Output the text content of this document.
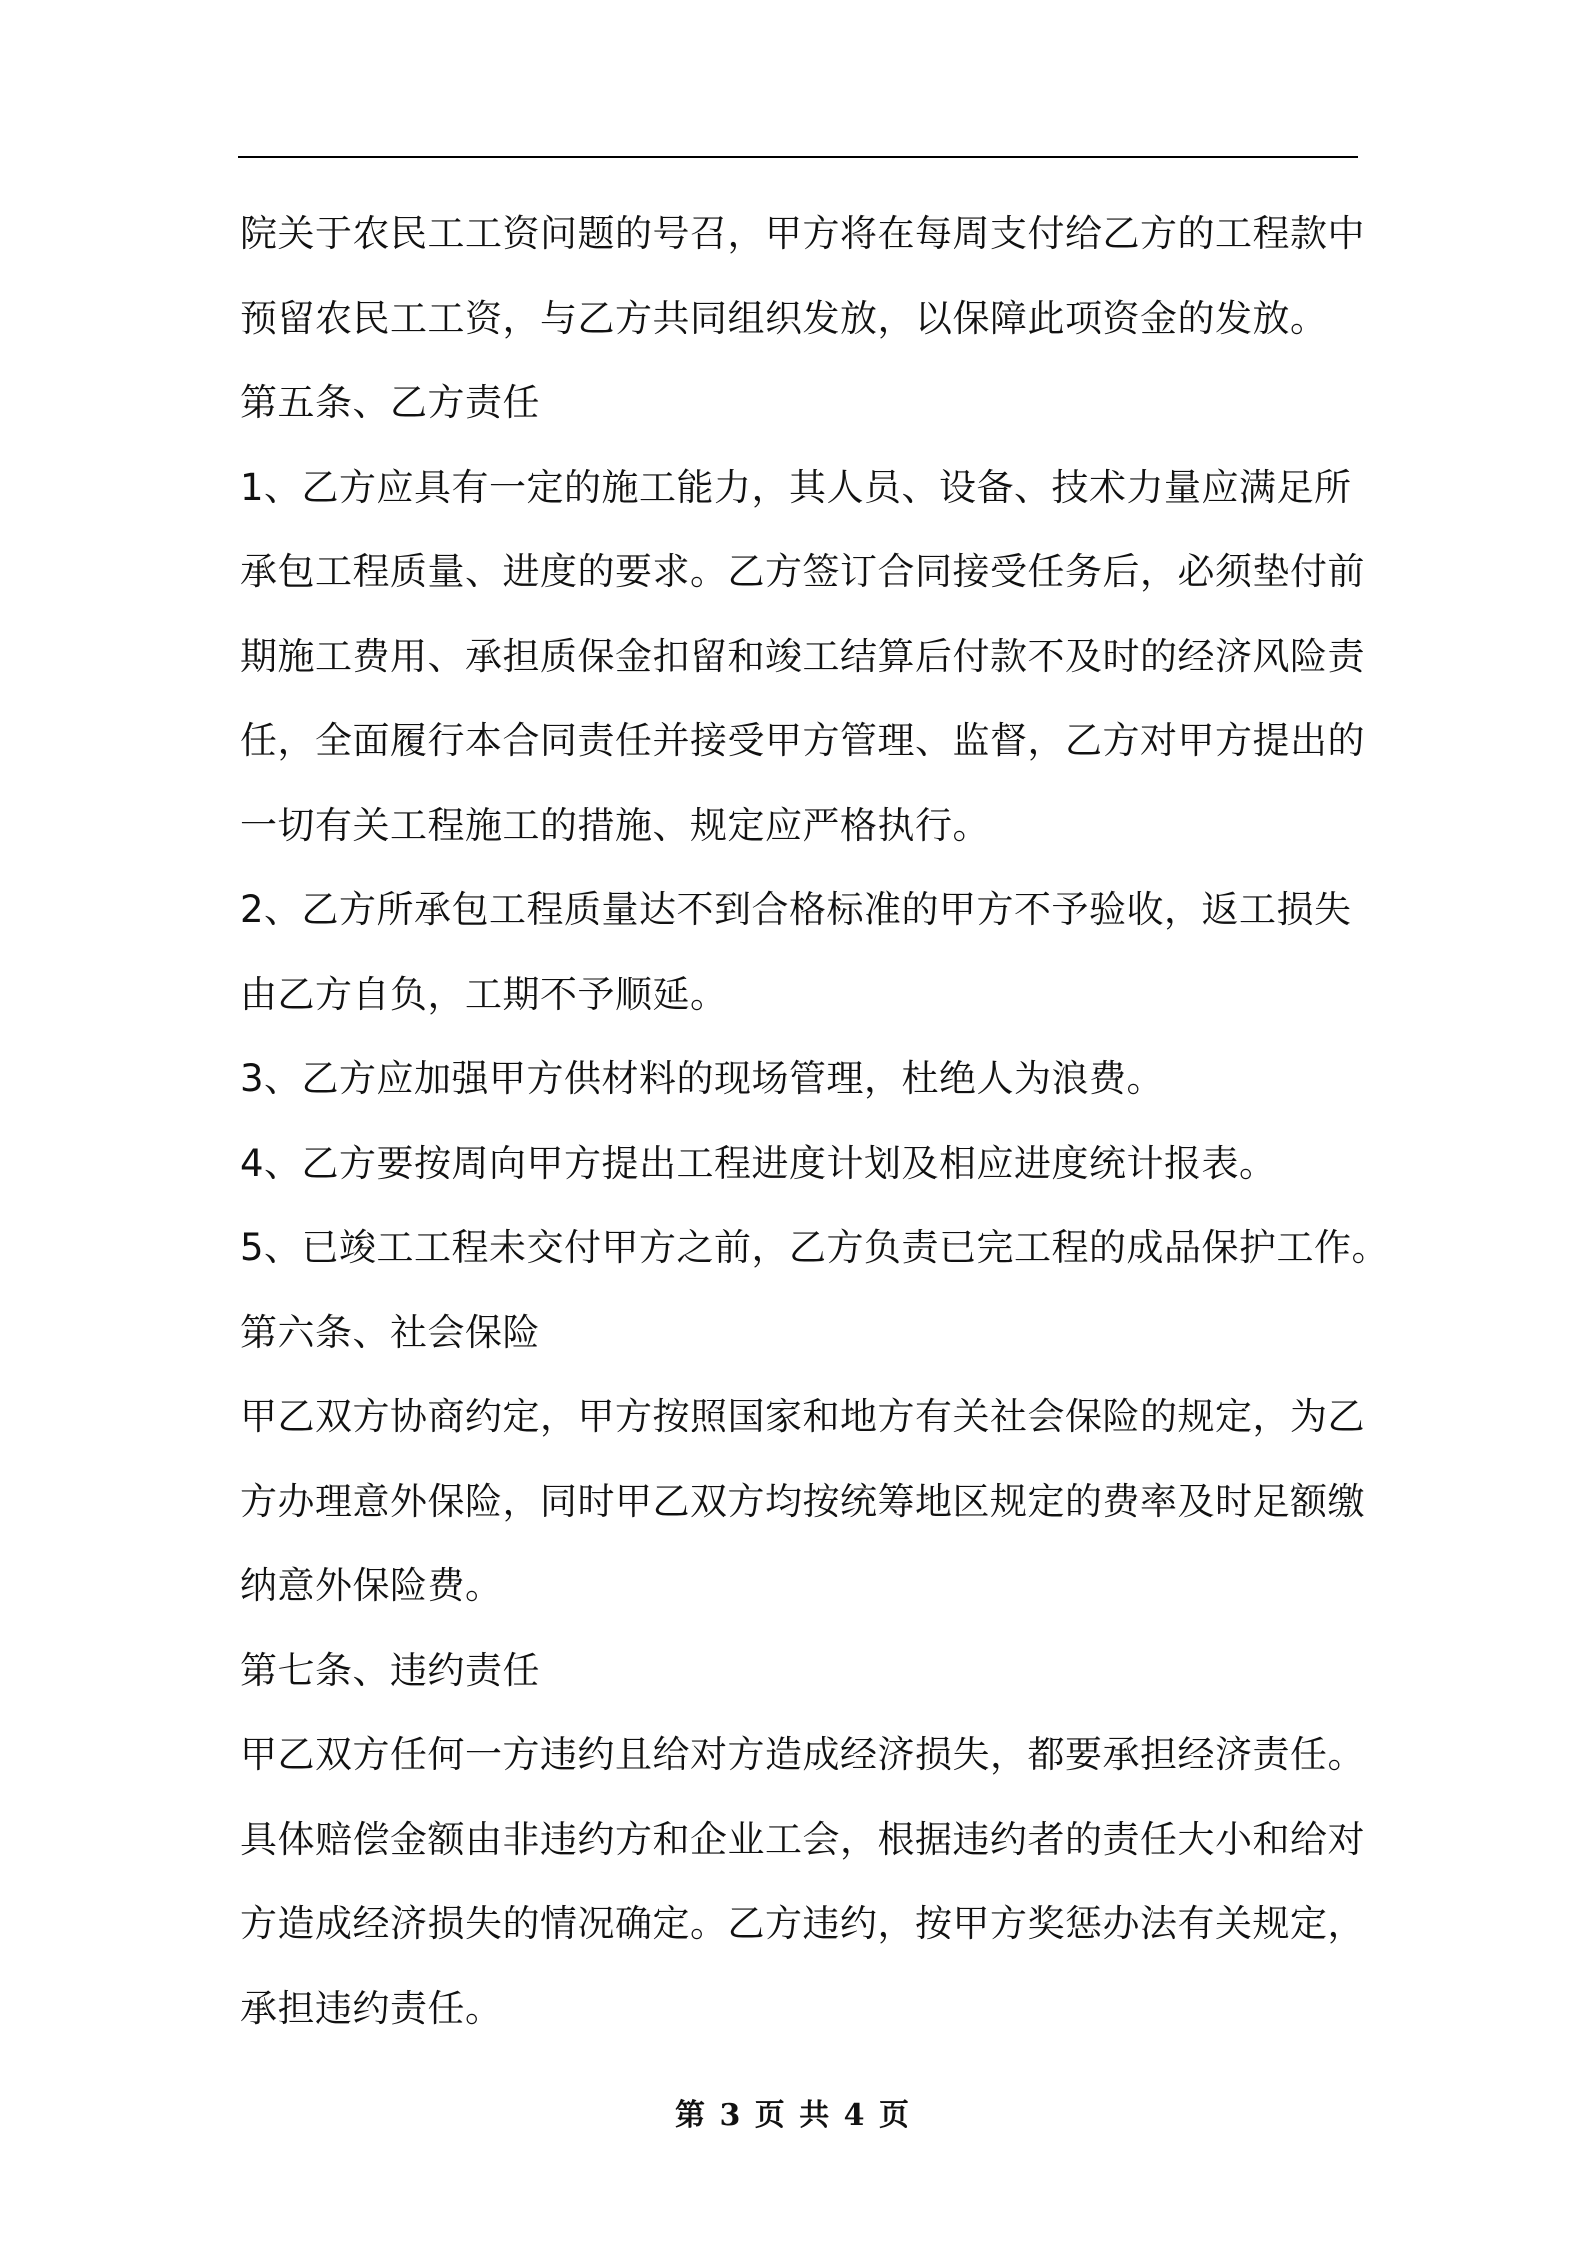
院关于农民工工资问题的号召，甲方将在每周支付给乙方的工程款中
预留农民工工资，与乙方共同组织发放，以保障此项资金的发放。
第五条、乙方责任
1、乙方应具有一定的施工能力，其人员、设备、技术力量应满足所
承包工程质量、进度的要求。乙方签订合同接受任务后，必须垫付前
期施工费用、承担质保金扣留和竣工结算后付款不及时的经济风险责
任，全面履行本合同责任并接受甲方管理、监督，乙方对甲方提出的
一切有关工程施工的措施、规定应严格执行。
2、乙方所承包工程质量达不到合格标准的甲方不予验收，返工损失
由乙方自负，工期不予顺延。
3、乙方应加强甲方供材料的现场管理，杜绝人为浪费。
4、乙方要按周向甲方提出工程进度计划及相应进度统计报表。
5、已竣工工程未交付甲方之前，乙方负责已完工程的成品保护工作。
第六条、社会保险
甲乙双方协商约定，甲方按照国家和地方有关社会保险的规定，为乙
方办理意外保险，同时甲乙双方均按统筹地区规定的费率及时足额缴
纳意外保险费。
第七条、违约责任
甲乙双方任何一方违约且给对方造成经济损失，都要承担经济责任。
具体赔偿金额由非违约方和企业工会，根据违约者的责任大小和给对
方造成经济损失的情况确定。乙方违约，按甲方奖惩办法有关规定，
承担违约责任。
第 3 页 共 4 页
